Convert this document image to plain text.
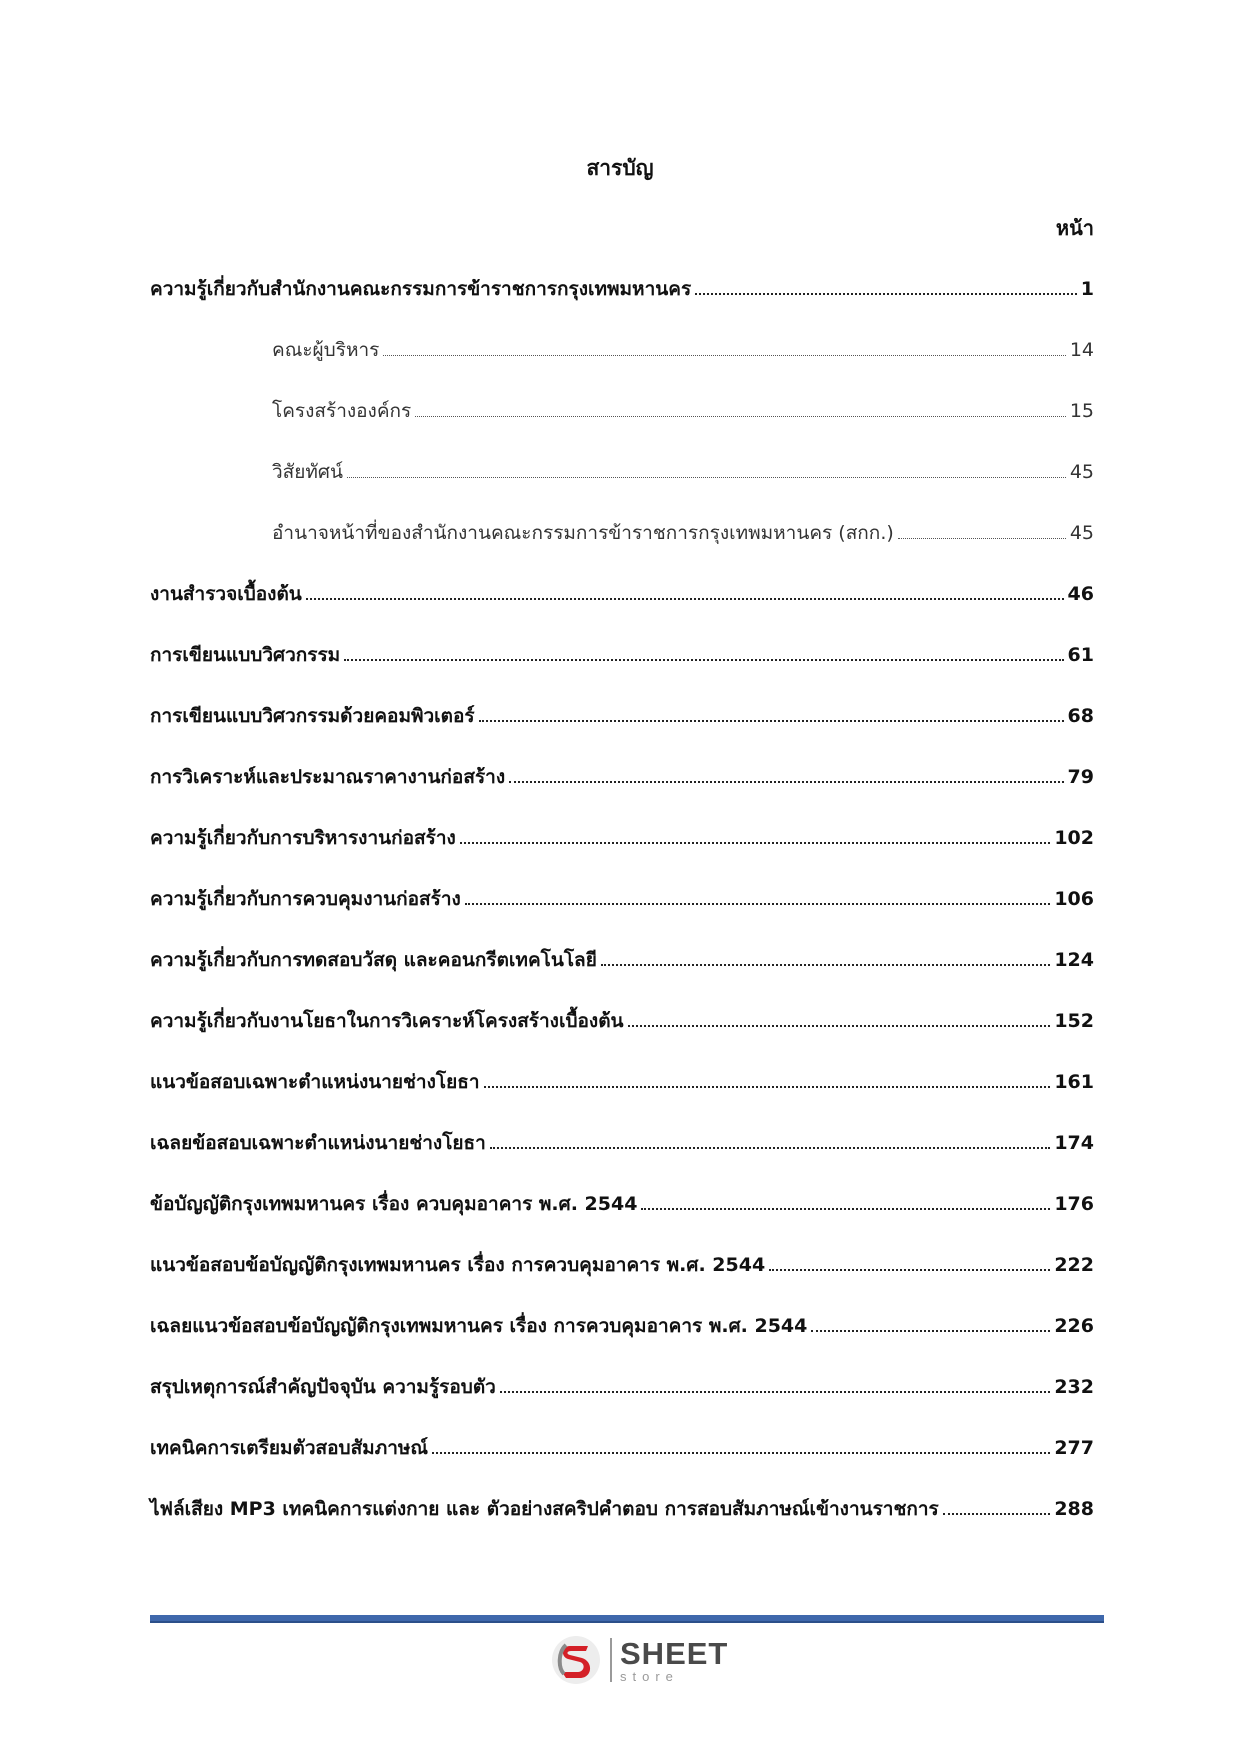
สารบัญ
หน้า
ความรู้เกี่ยวกับสำนักงานคณะกรรมการข้าราชการกรุงเทพมหานคร	1
คณะผู้บริหาร	14
โครงสร้างองค์กร	15
วิสัยทัศน์	45
อำนาจหน้าที่ของสำนักงานคณะกรรมการข้าราชการกรุงเทพมหานคร (สกก.)	45
งานสำรวจเบื้องต้น	46
การเขียนแบบวิศวกรรม	61
การเขียนแบบวิศวกรรมด้วยคอมพิวเตอร์	68
การวิเคราะห์และประมาณราคางานก่อสร้าง	79
ความรู้เกี่ยวกับการบริหารงานก่อสร้าง	102
ความรู้เกี่ยวกับการควบคุมงานก่อสร้าง	106
ความรู้เกี่ยวกับการทดสอบวัสดุ และคอนกรีตเทคโนโลยี	124
ความรู้เกี่ยวกับงานโยธาในการวิเคราะห์โครงสร้างเบื้องต้น	152
แนวข้อสอบเฉพาะตำแหน่งนายช่างโยธา	161
เฉลยข้อสอบเฉพาะตำแหน่งนายช่างโยธา	174
ข้อบัญญัติกรุงเทพมหานคร เรื่อง ควบคุมอาคาร พ.ศ. 2544	176
แนวข้อสอบข้อบัญญัติกรุงเทพมหานคร เรื่อง การควบคุมอาคาร พ.ศ. 2544	222
เฉลยแนวข้อสอบข้อบัญญัติกรุงเทพมหานคร เรื่อง การควบคุมอาคาร พ.ศ. 2544	226
สรุปเหตุการณ์สำคัญปัจจุบัน ความรู้รอบตัว	232
เทคนิคการเตรียมตัวสอบสัมภาษณ์	277
ไฟล์เสียง MP3 เทคนิคการแต่งกาย และ ตัวอย่างสคริปคำตอบ การสอบสัมภาษณ์เข้างานราชการ	288
SHEET
store
